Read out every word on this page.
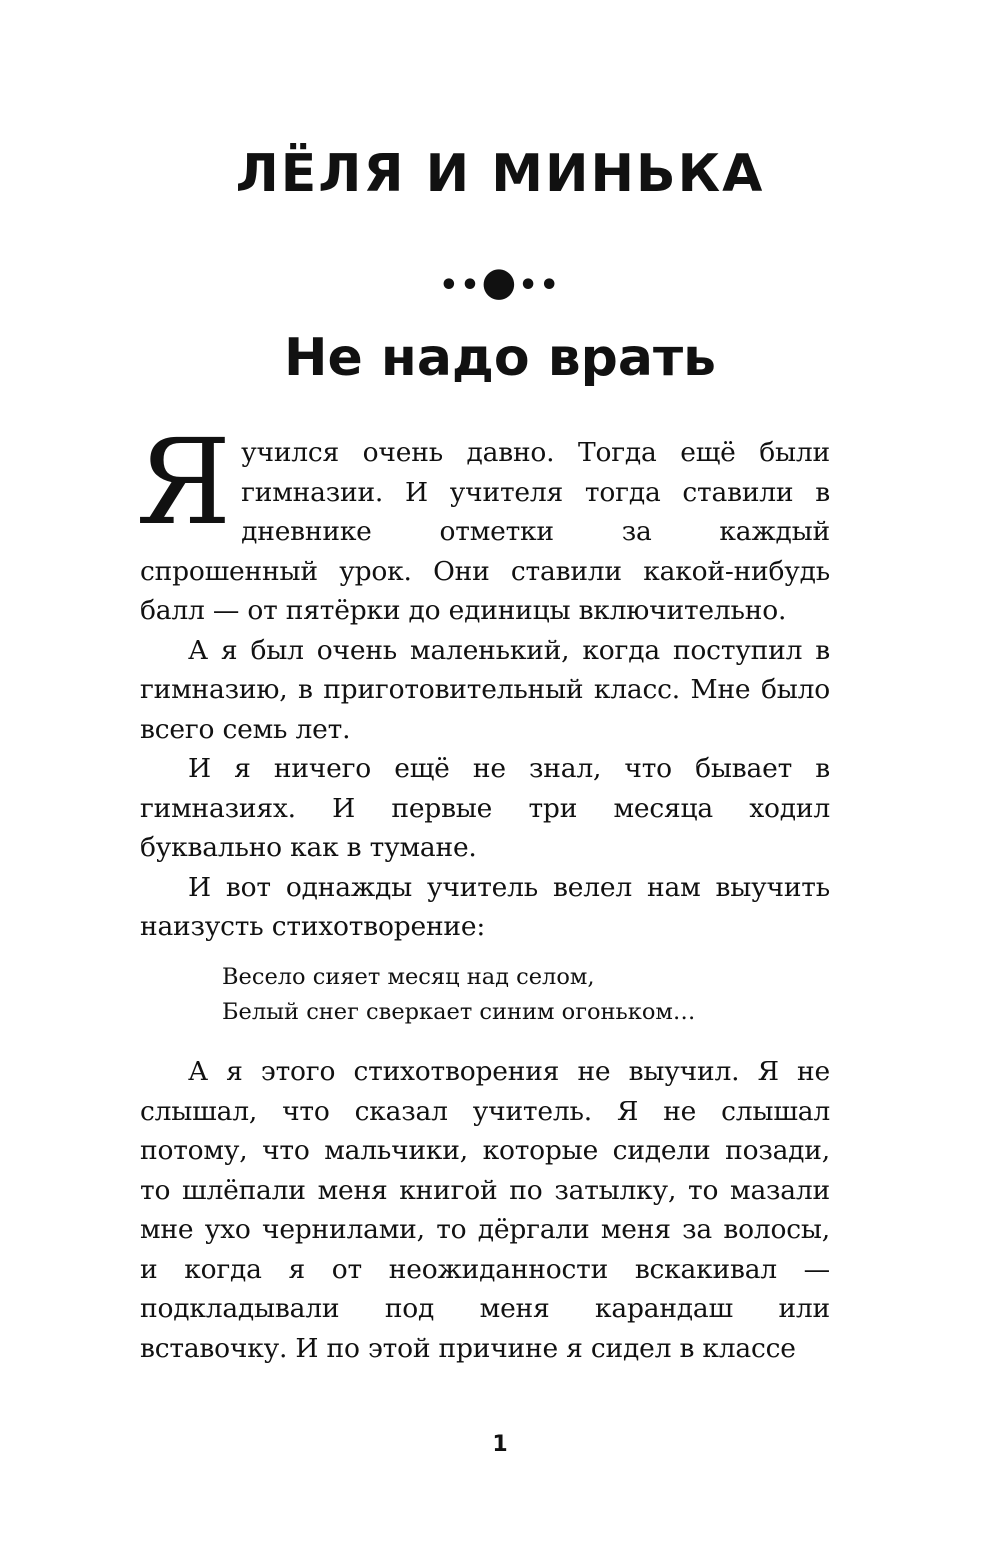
ЛЁЛЯ И МИНЬКА
••●••
Не надо врать

Яучился очень давно. Тогда ещё были гимназии. И учителя тогда ставили в дневнике отметки за каждый спрошенный урок. Они ставили какой-нибудь балл — от пятёрки до единицы включительно.

А я был очень маленький, когда поступил в гимназию, в приготовительный класс. Мне было всего семь лет.

И я ничего ещё не знал, что бывает в гимназиях. И первые три месяца ходил буквально как в тумане.

И вот однажды учитель велел нам выучить наизусть стихотворение:

Весело сияет месяц над селом,
Белый снег сверкает синим огоньком…

А я этого стихотворения не выучил. Я не слышал, что сказал учитель. Я не слышал потому, что мальчики, которые сидели позади, то шлёпали меня книгой по затылку, то мазали мне ухо чернилами, то дёргали меня за волосы, и когда я от неожиданности вскакивал — подкладывали под меня карандаш или вставочку. И по этой причине я сидел в классе

1
